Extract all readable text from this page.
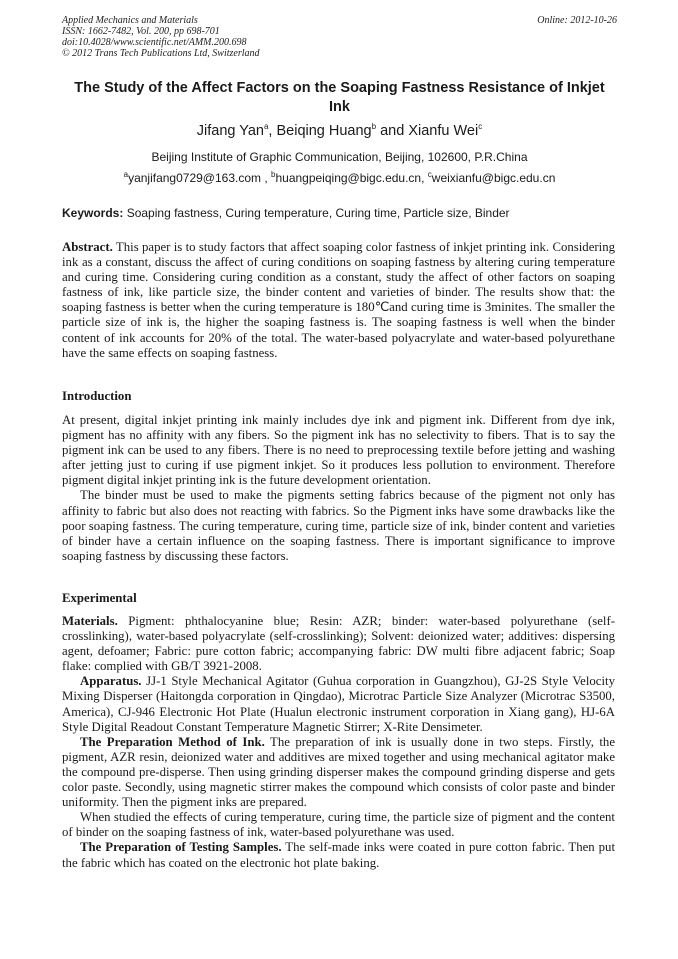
Applied Mechanics and Materials
ISSN: 1662-7482, Vol. 200, pp 698-701
doi:10.4028/www.scientific.net/AMM.200.698
© 2012 Trans Tech Publications Ltd, Switzerland
Online: 2012-10-26
The Study of the Affect Factors on the Soaping Fastness Resistance of Inkjet Ink
Jifang Yan$^a$, Beiqing Huang$^b$ and Xianfu Wei$^c$
Beijing Institute of Graphic Communication, Beijing, 102600, P.R.China
$^a$yanjifang0729@163.com , $^b$huangpeiqing@bigc.edu.cn, $^c$weixianfu@bigc.edu.cn
Keywords: Soaping fastness, Curing temperature, Curing time, Particle size, Binder

Abstract. This paper is to study factors that affect soaping color fastness of inkjet printing ink. Considering ink as a constant, discuss the affect of curing conditions on soaping fastness by altering curing temperature and curing time. Considering curing condition as a constant, study the affect of other factors on soaping fastness of ink, like particle size, the binder content and varieties of binder. The results show that: the soaping fastness is better when the curing temperature is 180℃and curing time is 3minites. The smaller the particle size of ink is, the higher the soaping fastness is. The soaping fastness is well when the binder content of ink accounts for 20% of the total. The water-based polyacrylate and water-based polyurethane have the same effects on soaping fastness.

Introduction

At present, digital inkjet printing ink mainly includes dye ink and pigment ink. Different from dye ink, pigment has no affinity with any fibers. So the pigment ink has no selectivity to fibers. That is to say the pigment ink can be used to any fibers. There is no need to preprocessing textile before jetting and washing after jetting just to curing if use pigment inkjet. So it produces less pollution to environment. Therefore pigment digital inkjet printing ink is the future development orientation.

The binder must be used to make the pigments setting fabrics because of the pigment not only has affinity to fabric but also does not reacting with fabrics. So the Pigment inks have some drawbacks like the poor soaping fastness. The curing temperature, curing time, particle size of ink, binder content and varieties of binder have a certain influence on the soaping fastness. There is important significance to improve soaping fastness by discussing these factors.

Experimental

Materials. Pigment: phthalocyanine blue; Resin: AZR; binder: water-based polyurethane (self-crosslinking), water-based polyacrylate (self-crosslinking); Solvent: deionized water; additives: dispersing agent, defoamer; Fabric: pure cotton fabric; accompanying fabric: DW multi fibre adjacent fabric; Soap flake: complied with GB/T 3921-2008.

Apparatus. JJ-1 Style Mechanical Agitator (Guhua corporation in Guangzhou), GJ-2S Style Velocity Mixing Disperser (Haitongda corporation in Qingdao), Microtrac Particle Size Analyzer (Microtrac S3500, America), CJ-946 Electronic Hot Plate (Hualun electronic instrument corporation in Xiang gang), HJ-6A Style Digital Readout Constant Temperature Magnetic Stirrer; X-Rite Densimeter.

The Preparation Method of Ink. The preparation of ink is usually done in two steps. Firstly, the pigment, AZR resin, deionized water and additives are mixed together and using mechanical agitator make the compound pre-disperse. Then using grinding disperser makes the compound grinding disperse and gets color paste. Secondly, using magnetic stirrer makes the compound which consists of color paste and binder uniformity. Then the pigment inks are prepared.

When studied the effects of curing temperature, curing time, the particle size of pigment and the content of binder on the soaping fastness of ink, water-based polyurethane was used.

The Preparation of Testing Samples. The self-made inks were coated in pure cotton fabric. Then put the fabric which has coated on the electronic hot plate baking.
